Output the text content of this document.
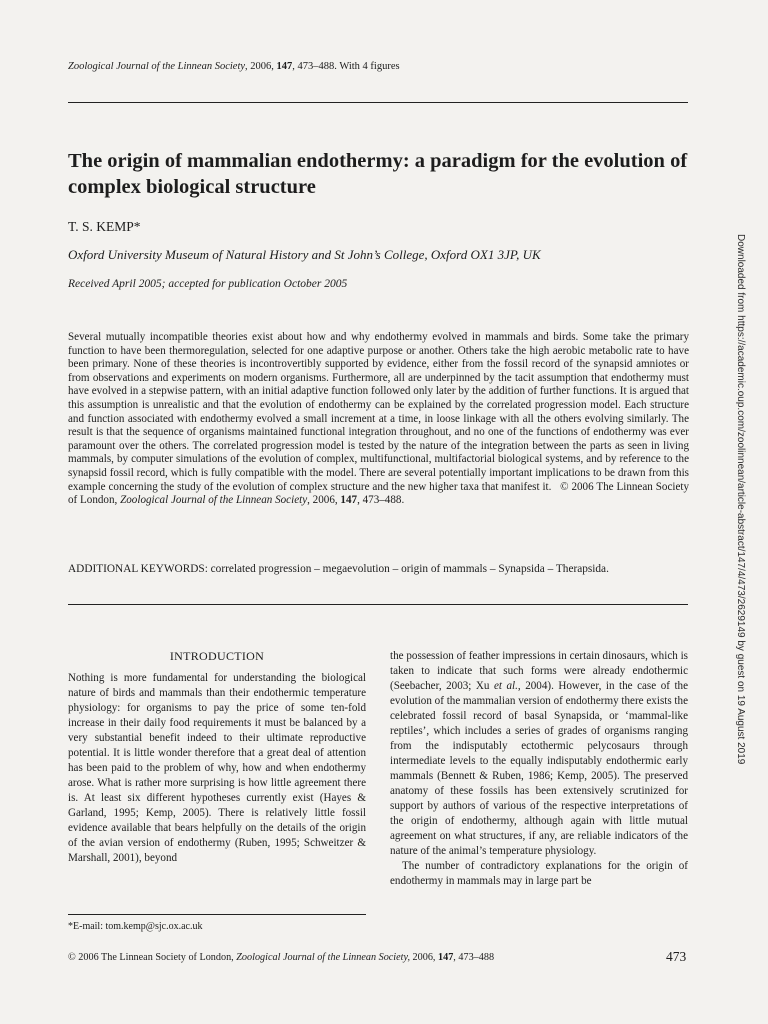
Zoological Journal of the Linnean Society, 2006, 147, 473–488. With 4 figures
The origin of mammalian endothermy: a paradigm for the evolution of complex biological structure
T. S. KEMP*
Oxford University Museum of Natural History and St John’s College, Oxford OX1 3JP, UK
Received April 2005; accepted for publication October 2005

Several mutually incompatible theories exist about how and why endothermy evolved in mammals and birds. Some take the primary function to have been thermoregulation, selected for one adaptive purpose or another. Others take the high aerobic metabolic rate to have been primary. None of these theories is incontrovertibly supported by evidence, either from the fossil record of the synapsid amniotes or from observations and experiments on modern organisms. Furthermore, all are underpinned by the tacit assumption that endothermy must have evolved in a stepwise pattern, with an initial adaptive function followed only later by the addition of further functions. It is argued that this assumption is unrealistic and that the evolution of endothermy can be explained by the correlated progression model. Each structure and function associated with endothermy evolved a small increment at a time, in loose linkage with all the others evolving similarly. The result is that the sequence of organisms maintained functional integration throughout, and no one of the functions of endothermy was ever paramount over the others. The correlated progression model is tested by the nature of the integration between the parts as seen in living mammals, by computer simulations of the evolution of complex, multifunctional, multifactorial biological systems, and by reference to the synapsid fossil record, which is fully compatible with the model. There are several potentially important implications to be drawn from this example concerning the study of the evolution of complex structure and the new higher taxa that manifest it. © 2006 The Linnean Society of London, Zoological Journal of the Linnean Society, 2006, 147, 473–488.

ADDITIONAL KEYWORDS: correlated progression – megaevolution – origin of mammals – Synapsida – Therapsida.

INTRODUCTION

Nothing is more fundamental for understanding the biological nature of birds and mammals than their endothermic temperature physiology: for organisms to pay the price of some ten-fold increase in their daily food requirements it must be balanced by a very substantial benefit indeed to their ultimate reproductive potential. It is little wonder therefore that a great deal of attention has been paid to the problem of why, how and when endothermy arose. What is rather more surprising is how little agreement there is. At least six different hypotheses currently exist (Hayes & Garland, 1995; Kemp, 2005). There is relatively little fossil evidence available that bears helpfully on the details of the origin of the avian version of endothermy (Ruben, 1995; Schweitzer & Marshall, 2001), beyond

the possession of feather impressions in certain dinosaurs, which is taken to indicate that such forms were already endothermic (Seebacher, 2003; Xu et al., 2004). However, in the case of the evolution of the mammalian version of endothermy there exists the celebrated fossil record of basal Synapsida, or ‘mammal-like reptiles’, which includes a series of grades of organisms ranging from the indisputably ectothermic pelycosaurs through intermediate levels to the equally indisputably endothermic early mammals (Bennett & Ruben, 1986; Kemp, 2005). The preserved anatomy of these fossils has been extensively scrutinized for support by authors of various of the respective interpretations of the origin of endothermy, although again with little mutual agreement on what structures, if any, are reliable indicators of the nature of the animal’s temperature physiology.

The number of contradictory explanations for the origin of endothermy in mammals may in large part be

*E-mail: tom.kemp@sjc.ox.ac.uk
© 2006 The Linnean Society of London, Zoological Journal of the Linnean Society, 2006, 147, 473–488	473
Downloaded from https://academic.oup.com/zoolinnean/article-abstract/147/4/473/2629149 by guest on 19 August 2019
